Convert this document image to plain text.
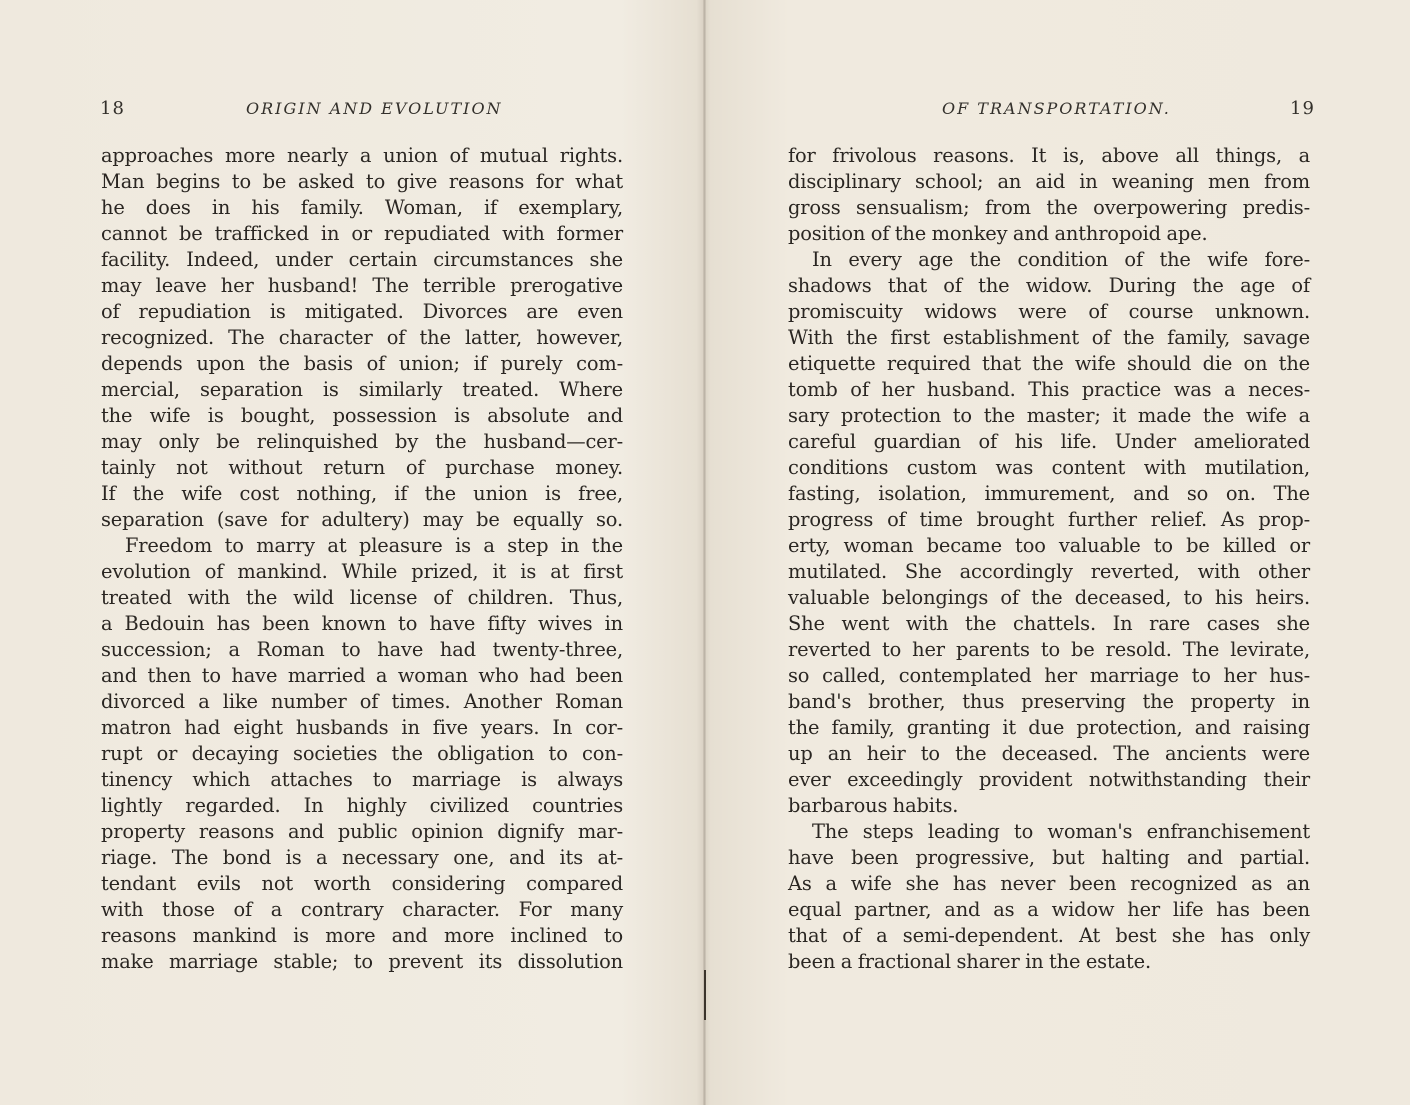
18	ORIGIN AND EVOLUTION
approaches more nearly a union of mutual rights.
Man begins to be asked to give reasons for what
he does in his family. Woman, if exemplary,
cannot be trafficked in or repudiated with former
facility. Indeed, under certain circumstances she
may leave her husband! The terrible prerogative
of repudiation is mitigated. Divorces are even
recognized. The character of the latter, however,
depends upon the basis of union; if purely com-
mercial, separation is similarly treated. Where
the wife is bought, possession is absolute and
may only be relinquished by the husband—cer-
tainly not without return of purchase money.
If the wife cost nothing, if the union is free,
separation (save for adultery) may be equally so.
Freedom to marry at pleasure is a step in the
evolution of mankind. While prized, it is at first
treated with the wild license of children. Thus,
a Bedouin has been known to have fifty wives in
succession; a Roman to have had twenty-three,
and then to have married a woman who had been
divorced a like number of times. Another Roman
matron had eight husbands in five years. In cor-
rupt or decaying societies the obligation to con-
tinency which attaches to marriage is always
lightly regarded. In highly civilized countries
property reasons and public opinion dignify mar-
riage. The bond is a necessary one, and its at-
tendant evils not worth considering compared
with those of a contrary character. For many
reasons mankind is more and more inclined to
make marriage stable; to prevent its dissolution
OF TRANSPORTATION.	19
for frivolous reasons. It is, above all things, a
disciplinary school; an aid in weaning men from
gross sensualism; from the overpowering predis-
position of the monkey and anthropoid ape.
In every age the condition of the wife fore-
shadows that of the widow. During the age of
promiscuity widows were of course unknown.
With the first establishment of the family, savage
etiquette required that the wife should die on the
tomb of her husband. This practice was a neces-
sary protection to the master; it made the wife a
careful guardian of his life. Under ameliorated
conditions custom was content with mutilation,
fasting, isolation, immurement, and so on. The
progress of time brought further relief. As prop-
erty, woman became too valuable to be killed or
mutilated. She accordingly reverted, with other
valuable belongings of the deceased, to his heirs.
She went with the chattels. In rare cases she
reverted to her parents to be resold. The levirate,
so called, contemplated her marriage to her hus-
band's brother, thus preserving the property in
the family, granting it due protection, and raising
up an heir to the deceased. The ancients were
ever exceedingly provident notwithstanding their
barbarous habits.
The steps leading to woman's enfranchisement
have been progressive, but halting and partial.
As a wife she has never been recognized as an
equal partner, and as a widow her life has been
that of a semi-dependent. At best she has only
been a fractional sharer in the estate.
